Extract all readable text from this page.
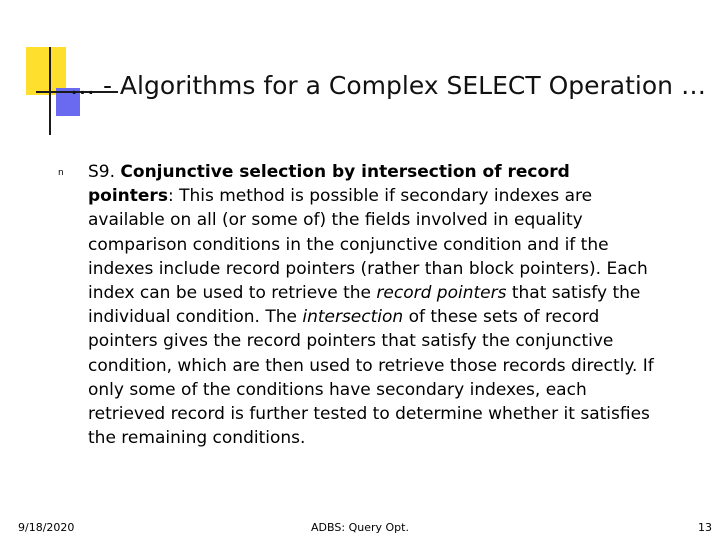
… - Algorithms for a Complex SELECT Operation …
n S9. Conjunctive selection by intersection of record
pointers: This method is possible if secondary indexes are
available on all (or some of) the fields involved in equality
comparison conditions in the conjunctive condition and if the
indexes include record pointers (rather than block pointers). Each
index can be used to retrieve the record pointers that satisfy the
individual condition. The intersection of these sets of record
pointers gives the record pointers that satisfy the conjunctive
condition, which are then used to retrieve those records directly. If
only some of the conditions have secondary indexes, each
retrieved record is further tested to determine whether it satisfies
the remaining conditions.
9/18/2020	ADBS: Query Opt.	13
